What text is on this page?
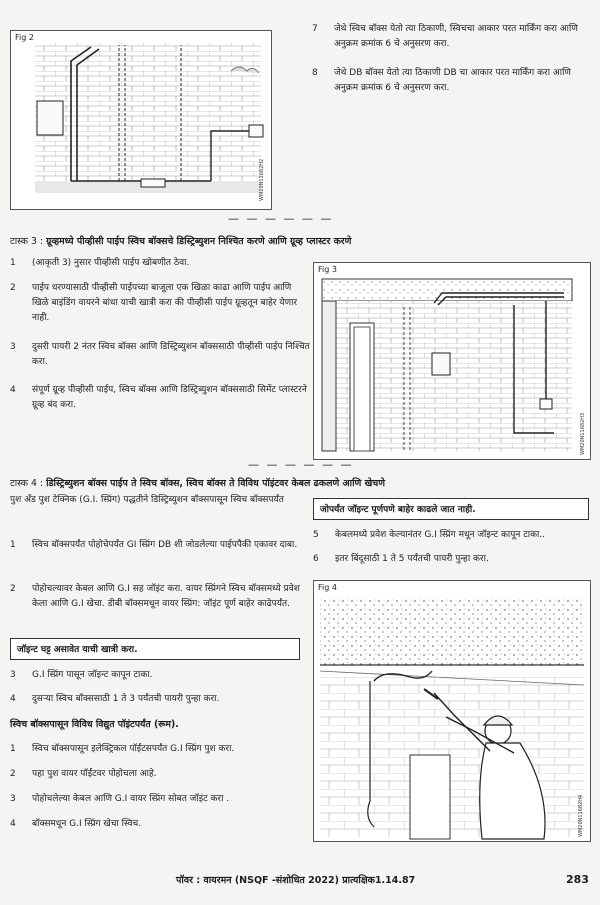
Fig 2
WM20N11682H2
7	जेथे स्विच बॉक्स येतो त्या ठिकाणी, स्विचचा आकार परत मार्किंग करा आणि अनुक्रम क्रमांक 6 चे अनुसरण करा.
8	जेथे DB बॉक्स येतो त्या ठिकाणी DB चा आकार परत मार्किंग करा आणि अनुक्रम क्रमांक 6 चे अनुसरण करा.
— — — — — —
टास्क 3 : ग्रूव्हमध्ये पीव्हीसी पाईप स्विच बॉक्सचे डिस्ट्रिब्युशन निश्चित करणे आणि ग्रूव्ह प्लास्टर करणे
1	(आकृती 3) नुसार पीव्हीसी पाईप खोबणीत ठेवा.
2	पाईप धरण्यासाठी पीव्हीसी पाईपच्या बाजूला एक खिळा काढा आणि पाईप आणि खिळे बाइंडिंग वायरने बांधा याची खात्री करा की पीव्हीसी पाईप ग्रूव्हतून बाहेर येणार नाही.
3	दुसरी पायरी 2 नंतर स्विच बॉक्स आणि डिस्ट्रिब्युशन बॉक्ससाठी पीव्हीसी पाईप निश्चित करा.
4	संपूर्ण ग्रूव्ह पीव्हीसी पाईप, स्विच बॉक्स आणि डिस्ट्रिब्युशन बॉक्ससाठी सिमेंट प्लास्टरने ग्रूव्ह बंद करा.
Fig 3
WM20N11682H3
— — — — — —
टास्क 4 : डिस्ट्रिब्युशन बॉक्स पाईप ते स्विच बॉक्स, स्विच बॉक्स ते विविध पॉइंटवर केबल ढकलणे आणि खेचणे
पुश अँड पुश टेक्निक (G.I. स्प्रिंग) पद्धतीने डिस्ट्रिब्युशन बॉक्सपासून स्विच बॉक्सपर्यंत
1	स्विच बॉक्सपर्यंत पोहोचेपर्यंत GI स्प्रिंग DB शी जोडलेल्या पाईपपैकी एकावर दाबा.
2	पोहोचल्यावर केबल आणि G.I सह जॉइंट करा. वायर स्प्रिंगने स्विच बॉक्समध्ये प्रवेश केला आणि G.I खेचा. डीबी बॉक्समधून वायर स्प्रिंग: जॉइंट पूर्ण बाहेर काढेपर्यंत.
जॉइन्ट घट्ट असावेत याची खात्री करा.
3	G.I स्प्रिंग पासून जॉइन्ट कापून टाका.
4	दुसऱ्या स्विच बॉक्ससाठी 1 ते 3 पर्यंतची पायरी पुन्हा करा.
स्विच बॉक्सपासून विविध विद्युत पॉइंटपर्यंत (रूम).
1	स्विच बॉक्सपासून इलेक्ट्रिकल पॉईंटसपर्यंत G.I स्प्रिंग पुश करा.
2	पहा पुश वायर पॉईंटवर पोहोचला आहे.
3	पोहोचलेल्या केबल आणि G.I वायर स्प्रिंग सोबत जॉइंट करा .
4	बॉक्समधून G.I स्प्रिंग खेचा स्विच.
जोपर्यंत जॉइन्ट पूर्णपणे बाहेर काढले जात नाही.
5	केबलमध्ये प्रवेश केल्यानंतर G.I स्प्रिंग मधून जॉइन्ट कापून टाका..
6	इतर बिंदूसाठी 1 ते 5 पर्यंतची पायरी पुन्हा करा.
Fig 4
WM20N11682H4
पॉवर : वायरमन (NSQF -संशोधित 2022) प्रात्यक्षिक1.14.87	283
